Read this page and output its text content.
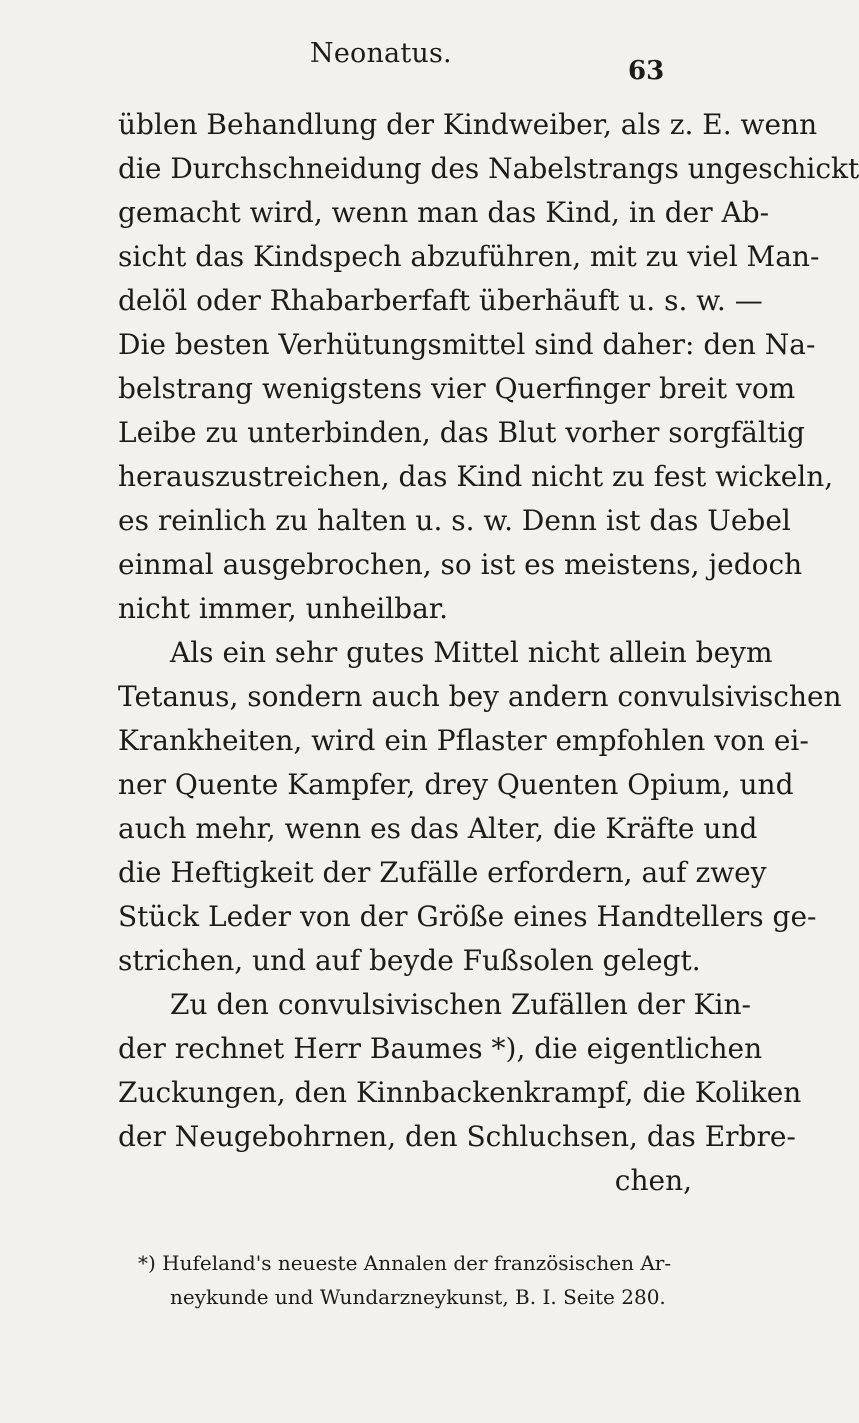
Neonatus.
63
üblen Behandlung der Kindweiber, als z. E. wenn
die Durchschneidung des Nabelstrangs ungeschickt
gemacht wird, wenn man das Kind, in der Ab-
sicht das Kindspech abzuführen, mit zu viel Man-
delöl oder Rhabarberfaft überhäuft u. s. w. —
Die besten Verhütungsmittel sind daher: den Na-
belstrang wenigstens vier Querfinger breit vom
Leibe zu unterbinden, das Blut vorher sorgfältig
herauszustreichen, das Kind nicht zu fest wickeln,
es reinlich zu halten u. s. w. Denn ist das Uebel
einmal ausgebrochen, so ist es meistens, jedoch
nicht immer, unheilbar.
Als ein sehr gutes Mittel nicht allein beym
Tetanus, sondern auch bey andern convulsivischen
Krankheiten, wird ein Pflaster empfohlen von ei-
ner Quente Kampfer, drey Quenten Opium, und
auch mehr, wenn es das Alter, die Kräfte und
die Heftigkeit der Zufälle erfordern, auf zwey
Stück Leder von der Größe eines Handtellers ge-
strichen, und auf beyde Fußsolen gelegt.
Zu den convulsivischen Zufällen der Kin-
der rechnet Herr Baumes *), die eigentlichen
Zuckungen, den Kinnbackenkrampf, die Koliken
der Neugebohrnen, den Schluchsen, das Erbre-
chen,
*) Hufeland's neueste Annalen der französischen Ar-
neykunde und Wundarzneykunst, B. I. Seite 280.
